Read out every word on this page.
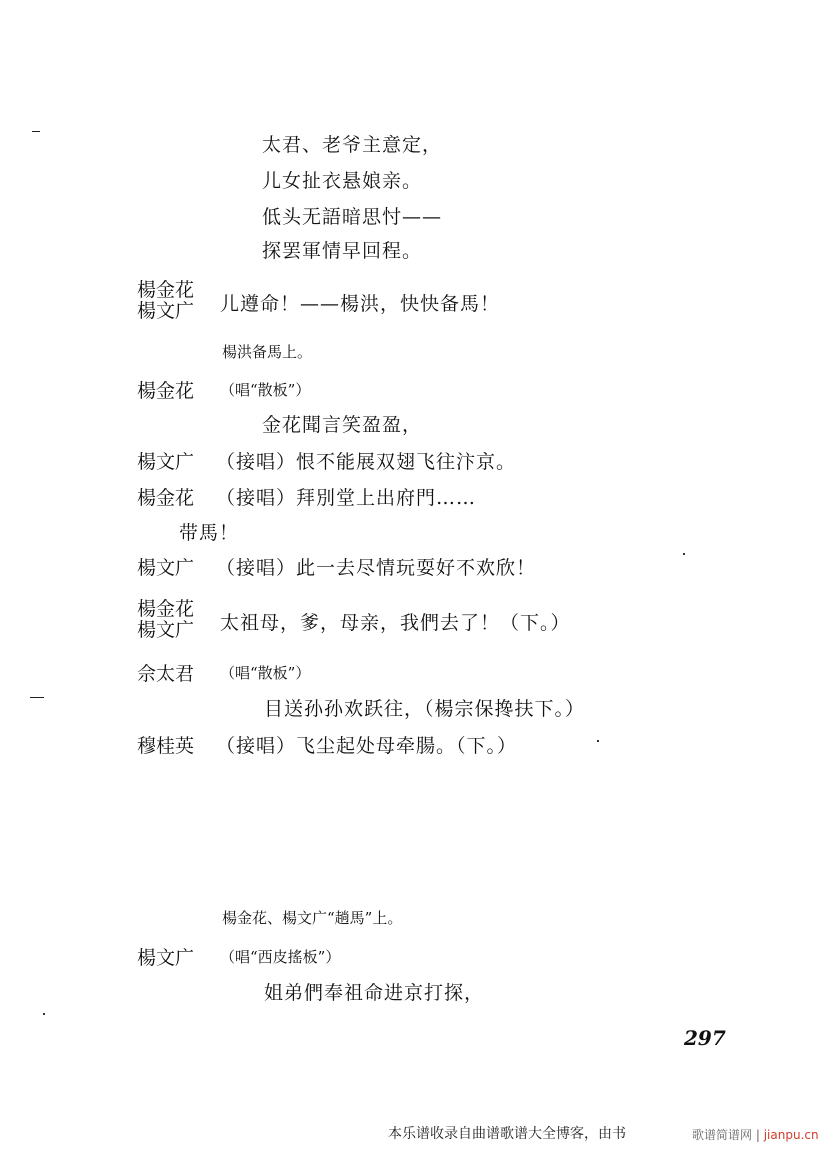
太君、老爷主意定，
儿女扯衣悬娘亲。
低头无語暗思忖——
探罢軍情早回程。
楊金花
楊文广 儿遵命！——楊洪，快快备馬！
楊洪备馬上。
楊金花 （唱“散板”）
金花聞言笑盈盈，
楊文广 （接唱）恨不能展双翅飞往汴京。
楊金花 （接唱）拜別堂上出府門……
带馬！
楊文广 （接唱）此一去尽情玩耍好不欢欣！
楊金花
楊文广 太祖母，爹，母亲，我們去了！（下。）
佘太君 （唱“散板”）
目送孙孙欢跃往，（楊宗保搀扶下。）
穆桂英 （接唱）飞尘起处母牵腸。（下。）
楊金花、楊文广“趟馬”上。
楊文广 （唱“西皮搖板”）
姐弟們奉祖命进京打探，
297
本乐谱收录自曲谱歌谱大全博客，由书	歌谱简谱网 | jianpu.cn
